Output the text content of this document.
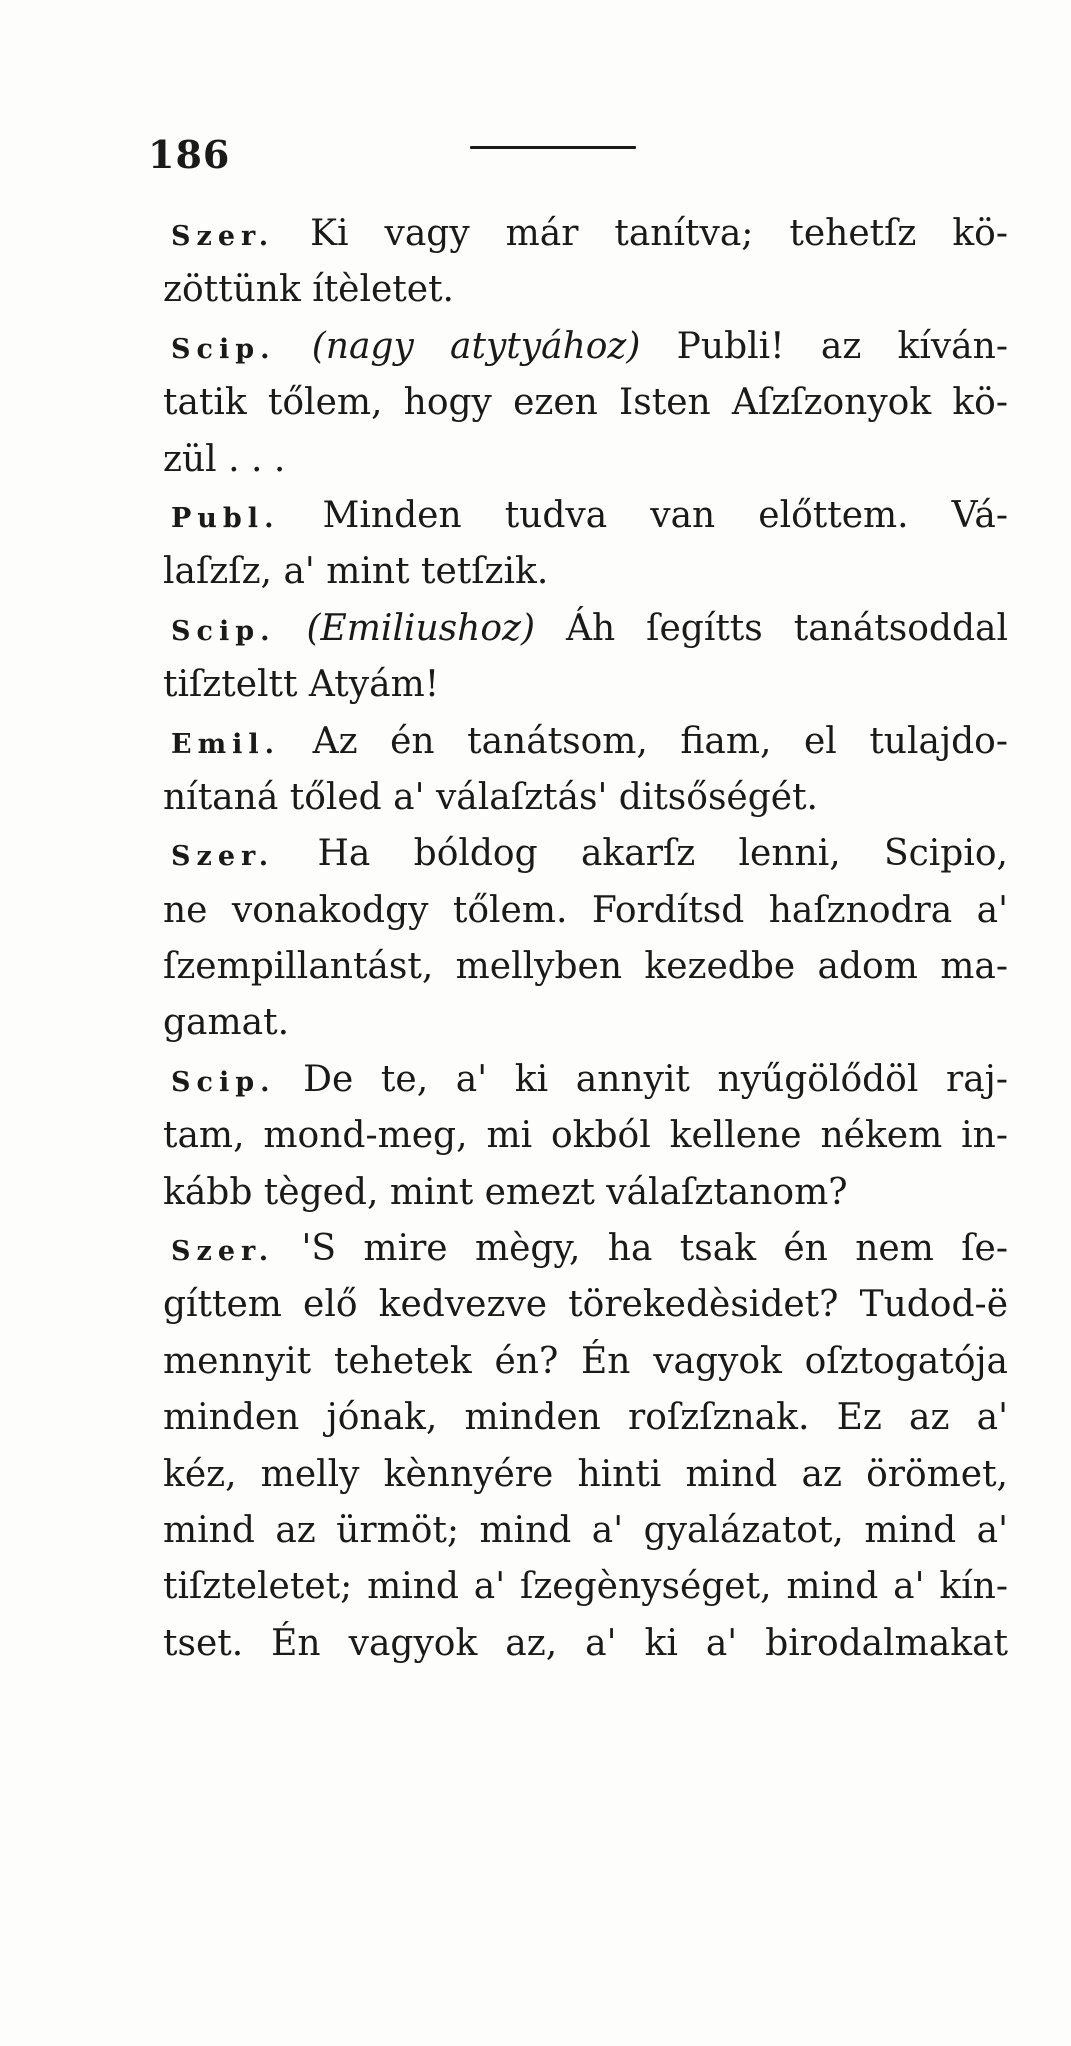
186
Szer. Ki vagy már tanítva; tehetſz kö-
zöttünk ítèletet.
Scip. (nagy atytyához) Publi! az kíván-
tatik tőlem, hogy ezen Isten Aſzſzonyok kö-
zül . . .
Publ. Minden tudva van előttem. Vá-
laſzſz, a' mint tetſzik.
Scip. (Emiliushoz) Áh ſegítts tanátsoddal
tiſzteltt Atyám!
Emil. Az én tanátsom, fiam, el tulajdo-
nítaná tőled a' válaſztás' ditsőségét.
Szer. Ha bóldog akarſz lenni, Scipio,
ne vonakodgy tőlem. Fordítsd haſznodra a'
ſzempillantást, mellyben kezedbe adom ma-
gamat.
Scip. De te, a' ki annyit nyűgölődöl raj-
tam, mond-meg, mi okból kellene nékem in-
kább tèged, mint emezt válaſztanom?
Szer. 'S mire mègy, ha tsak én nem ſe-
gíttem elő kedvezve törekedèsidet? Tudod-ë
mennyit tehetek én? Én vagyok oſztogatója
minden jónak, minden roſzſznak. Ez az a'
kéz, melly kènnyére hinti mind az örömet,
mind az ürmöt; mind a' gyalázatot, mind a'
tiſzteletet; mind a' ſzegènységet, mind a' kín-
tset. Én vagyok az, a' ki a' birodalmakat
